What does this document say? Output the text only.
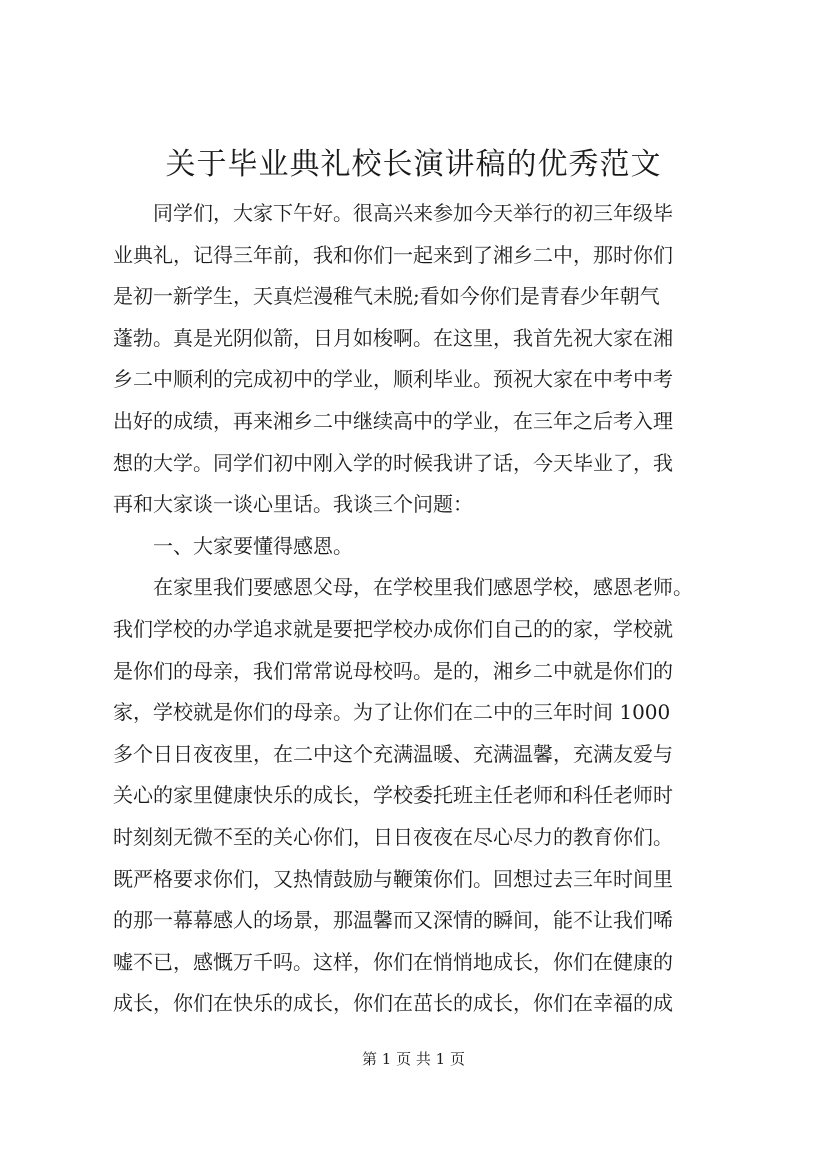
关于毕业典礼校长演讲稿的优秀范文
　　同学们，大家下午好。很高兴来参加今天举行的初三年级毕
业典礼，记得三年前，我和你们一起来到了湘乡二中，那时你们
是初一新学生，天真烂漫稚气未脱;看如今你们是青春少年朝气
蓬勃。真是光阴似箭，日月如梭啊。在这里，我首先祝大家在湘
乡二中顺利的完成初中的学业，顺利毕业。预祝大家在中考中考
出好的成绩，再来湘乡二中继续高中的学业，在三年之后考入理
想的大学。同学们初中刚入学的时候我讲了话，今天毕业了，我
再和大家谈一谈心里话。我谈三个问题：
　　一、大家要懂得感恩。
　　在家里我们要感恩父母，在学校里我们感恩学校，感恩老师。
我们学校的办学追求就是要把学校办成你们自己的的家，学校就
是你们的母亲，我们常常说母校吗。是的，湘乡二中就是你们的
家，学校就是你们的母亲。为了让你们在二中的三年时间 1000
多个日日夜夜里，在二中这个充满温暖、充满温馨，充满友爱与
关心的家里健康快乐的成长，学校委托班主任老师和科任老师时
时刻刻无微不至的关心你们，日日夜夜在尽心尽力的教育你们。
既严格要求你们，又热情鼓励与鞭策你们。回想过去三年时间里
的那一幕幕感人的场景，那温馨而又深情的瞬间，能不让我们唏
嘘不已，感慨万千吗。这样，你们在悄悄地成长，你们在健康的
成长，你们在快乐的成长，你们在茁长的成长，你们在幸福的成
第 1 页 共 1 页
